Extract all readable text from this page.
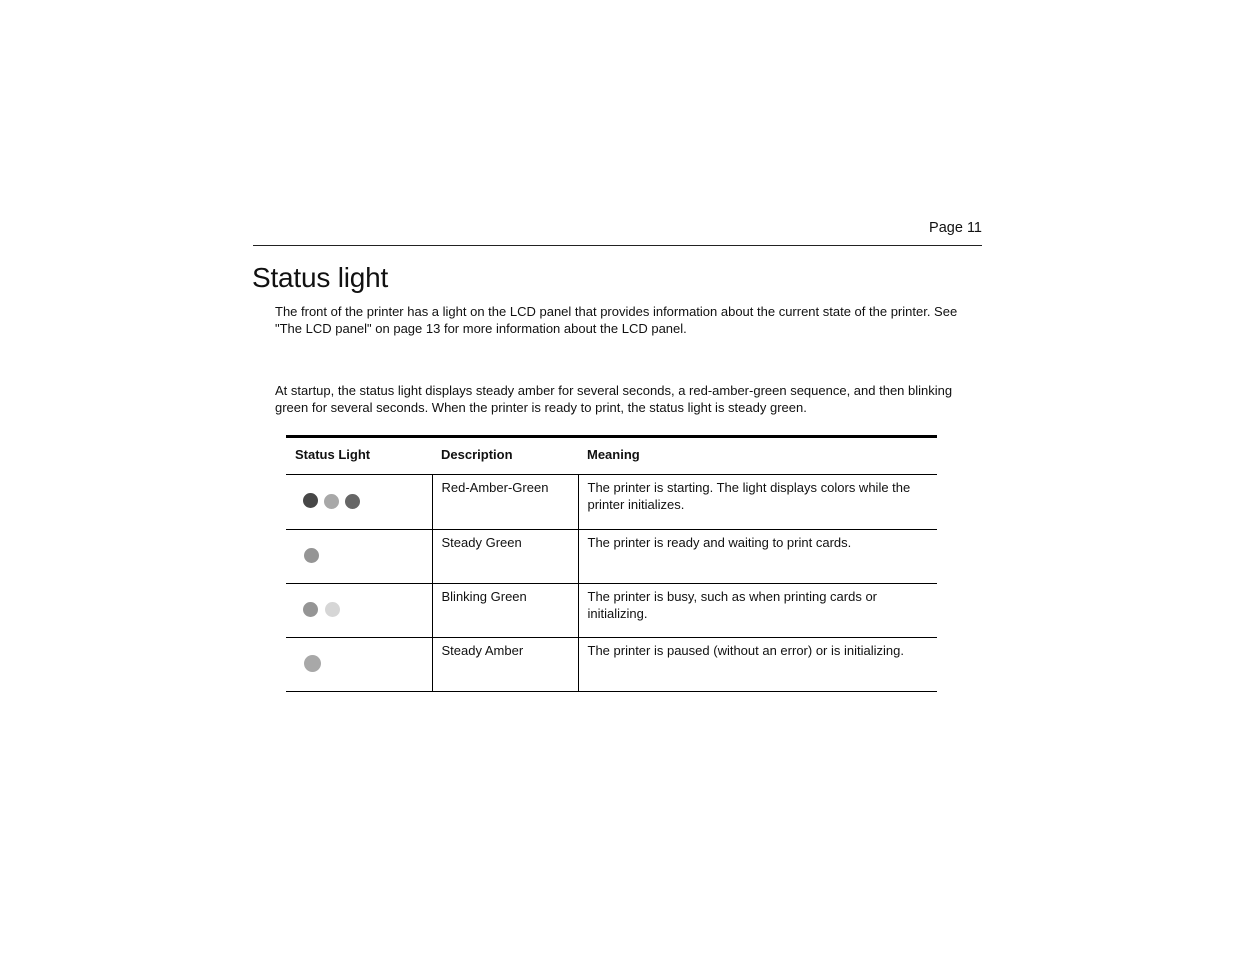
Page 11
Status light

The front of the printer has a light on the LCD panel that provides information about the current state of the printer. See "The LCD panel" on page 13 for more information about the LCD panel.

At startup, the status light displays steady amber for several seconds, a red-amber-green sequence, and then blinking green for several seconds. When the printer is ready to print, the status light is steady green.

Status Light	Description	Meaning

	Red-Amber-Green	The printer is starting. The light displays colors while the printer initializes.

	Steady Green	The printer is ready and waiting to print cards.

	Blinking Green	The printer is busy, such as when printing cards or initializing.

	Steady Amber	The printer is paused (without an error) or is initializing.
